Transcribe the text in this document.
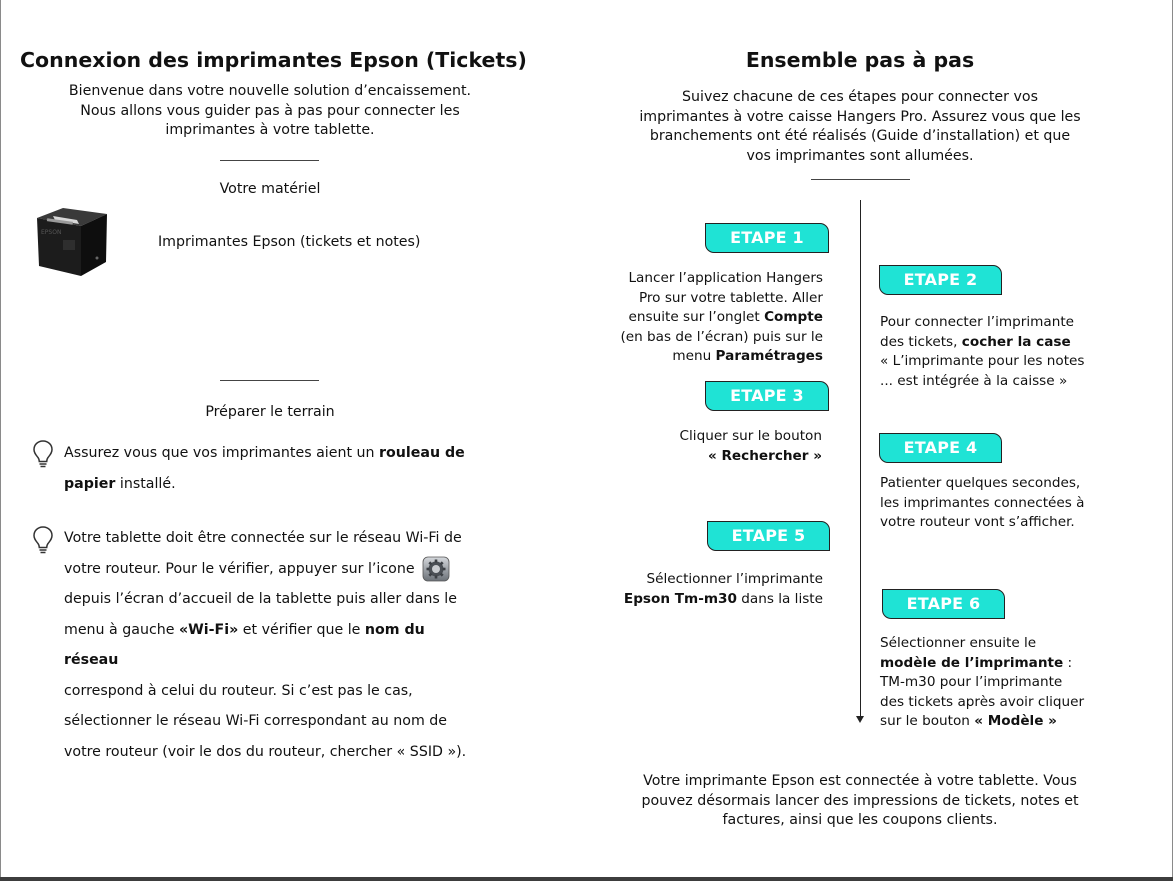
Connexion des imprimantes Epson (Tickets)
Bienvenue dans votre nouvelle solution d’encaissement.
Nous allons vous guider pas à pas pour connecter les
imprimantes à votre tablette.
Votre matériel
EPSON
Imprimantes Epson (tickets et notes)
Préparer le terrain
Assurez vous que vos imprimantes aient un rouleau de
papier installé.
Votre tablette doit être connectée sur le réseau Wi-Fi de
votre routeur. Pour le vérifier, appuyer sur l’icone
depuis l’écran d’accueil de la tablette puis aller dans le
menu à gauche «Wi-Fi» et vérifier que le nom du réseau
correspond à celui du routeur. Si c’est pas le cas,
sélectionner le réseau Wi-Fi correspondant au nom de
votre routeur (voir le dos du routeur, chercher « SSID »).
Ensemble pas à pas
Suivez chacune de ces étapes pour connecter vos
imprimantes à votre caisse Hangers Pro. Assurez vous que les
branchements ont été réalisés (Guide d’installation) et que
vos imprimantes sont allumées.
ETAPE 1
ETAPE 2
ETAPE 3
ETAPE 4
ETAPE 5
ETAPE 6
Lancer l’application Hangers
Pro sur votre tablette. Aller
ensuite sur l’onglet Compte
(en bas de l’écran) puis sur le
menu Paramétrages
Pour connecter l’imprimante
des tickets, cocher la case
« L’imprimante pour les notes
... est intégrée à la caisse »
Cliquer sur le bouton
« Rechercher »
Patienter quelques secondes,
les imprimantes connectées à
votre routeur vont s’afficher.
Sélectionner l’imprimante
Epson Tm-m30 dans la liste
Sélectionner ensuite le
modèle de l’imprimante :
TM-m30 pour l’imprimante
des tickets après avoir cliquer
sur le bouton « Modèle »
Votre imprimante Epson est connectée à votre tablette. Vous
pouvez désormais lancer des impressions de tickets, notes et
factures, ainsi que les coupons clients.
